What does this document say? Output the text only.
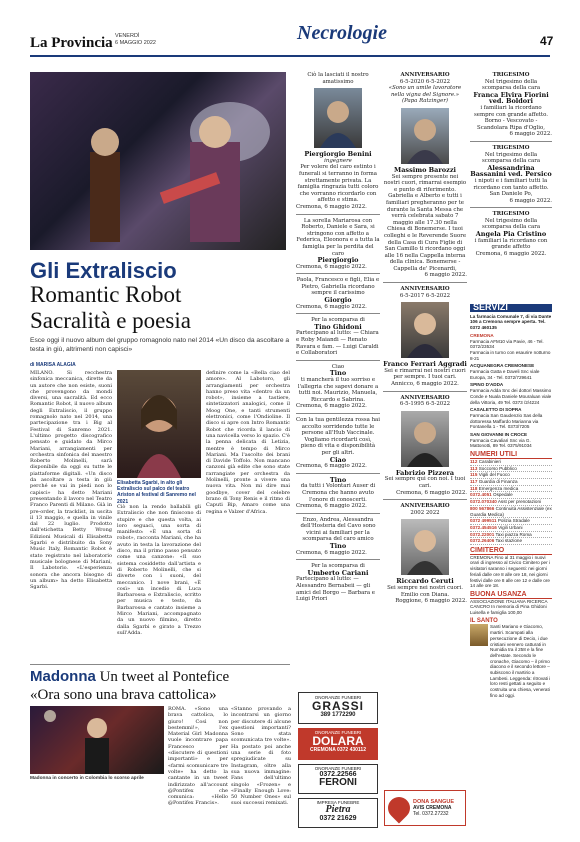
La Provincia VENERDÌ
6 MAGGIO 2022	Necrologie	47
Gli Extraliscio
Romantic Robot
Sacralità e poesia
Esce oggi il nuovo album del gruppo romagnolo nato nel 2014 «Un disco da ascoltare a testa in giù, altrimenti non capisci»
di MARISA ALAGIA
MILANO. Si recchestra sinfonica meccanica, dirette da un autore che non esiste, suoni che provengono da mondi diversi, una sacralità. Ed ecco Romantic Robot, il nuovo album degli Extraliscio, il gruppo romagnolo nato nel 2014, una partecipazione tra i Big al Festival di Sanremo 2021. L'ultimo progetto discografico pensato e guidato da Mirco Mariani, arrangiamenti per orchestra sinfonica del maestro Roberto Molinelli, sarà disponibile da oggi su tutte le piattaforme digitali. «Un disco da ascoltare a testa in giù perché se vai in piedi non lo capisci» ha detto Mariani presentando il lavoro nel Teatro Franco Parenti di Milano. Già in pre-order, la tracklist, in uscita il 13 maggio, e quella in vinile dal 22 luglio. Prodotto dall'etichetta Betty Wrong Edizioni Musicali di Elisabetta Sgarbi e distribuito da Sony Music Italy, Romantic Robot è stato registrato nel laboratorio musicale bolognese di Mariani, Il Labotorio. «L'esperienza sonora che ancora bisogno di un album» ha detto Elisabetta Sgarbi.
Elisabetta Sgarbi, in alto gli Extraliscio sul palco del teatro Ariston al festival di Sanremo nel 2021
Ciò non la rendo ballabili gli Extraliscio che non finiscono di stupire e che questa volta, ai loro seguaci, una sorta di manifesto: «È una sorta di robot», racconta Mariani, che ha avuto in testa la lavorazione del disco, ma il primo passo pensato come una canzone: «Il suo sistema cosiddetto dall'artista e di Roberto Molinelli, che si diverte con i suoni, del meccanico. I nove brani, «È così» un incedio di Luca Barbarossa e Extraliscio, scritto per musica e testo, da Barbarossa e cantato insieme a Mirco Mariani, accompagnato da un nuovo filmino, diretto dalla Sgarbi e girato a Trezzo sull'Adda.
definire come la «Bella ciao del amore». Al Labotoro, gli arrangiamenti per orchestra hanno preso vita «dentro da un robot», insieme a tastiere, sintetizzatori analogici, come il Moog One, e tanti strumenti elettronici, come l'Ondioline. Il disco si apre con Intro Romantic Robot che ricorda il lancio di una navicella verso lo spazio. C'è la penna delicata di Letizia, mentre è tempo di Mirco Mariani. Ma l'ascolto dei brani di Davide Toffolo. Non mancano canzoni già edite che sono state rarrangiate per orchestra da Molinelli, pronte a vivere una nuova vita. Non mi dire mai goodbye, cover del celebre brano di Tony Renis e il ritmo di Caputi Bip, Amaro come una regina e Valzer d'Africa.
Madonna Un tweet al Pontefice
«Ora sono una brava cattolica»
Madonna in concerto in Colombia lo scorso aprile
ROMA. «Sono una brava cattolica, lo giuro! Così non bestemmi!», l'ex Material Girl Madonna vuole incontrare papa Francesco per «discutere di questioni importanti» e per «farmi scomunicare tre volte» ha detto la cantante in un tweet indirizzato all'account @Pontifex che comunica: «Hello @Pontifex Francis».
«Stanno provando a incontrarsi un giorno per discutere di alcune questioni importanti? Sono stata scomunicata tre volte». Ha postato poi anche una serie di foto spregiudicate su Instagram, oltre alla sua nuova immagine: Fans dell'ultimo singolo «Frozen» e «Finally Enough Love: 50 Number Ones» sul suoi successi remixati.
Ciò la lasciati il nostro amatissimo
Piergiorgio Benini
ingegnere
Per volere del caro estinto i funerali si terranno in forma strettamente privata. La famiglia ringrazia tutti coloro che vorranno ricordarlo con affetto e stima.
Cremona, 6 maggio 2022.
La sorella Mariarosa con Roberto, Daniele e Sara, si stringono con affetto a Federica, Eleonora e a tutta la famiglia per la perdita del caro
Piergiorgio
Cremona, 6 maggio 2022.
Paola, Francesco e figli, Elia e Pietro, Gabriella ricordano sempre il carissimo
Giorgio
Cremona, 6 maggio 2022.
Per la scomparsa di
Tino Ghidoni
Partecipano al lutto: — Chiara e Roby Maiandi — Renato Ravara e fam. — Luigi Caraldi e Collaboratori
Ciao
Tino
ti mancherà il tuo sorriso e l'allegria che sapevi donare a tutti noi. Maurizio, Manuela, Riccardo e Sabrina.
Cremona, 6 maggio 2022.
Con la tua gentilezza rossa hai accolto sorridendo tutte le persone all'Hub Vaccinale. Vogliamo ricordarti così, pieno di vita e disponibilità per gli altri.
Ciao
Cremona, 6 maggio 2022.
Tino
da tutti i Volontari Auser di Cremona che hanno avuto l'onore di conoscerti.
Cremona, 6 maggio 2022.
Enzo, Andrea, Alessandra dell'Hosteria del Cavo sono vicini ai familiari per la scomparsa del caro amico
Tino
Cremona, 6 maggio 2022.
Per la scomparsa di
Umberto Cariani
Partecipano al lutto: — Alessandro Bernabeii — gli amici del Borgo — Barbara e Luigi Priori
ANNIVERSARIO
6-5-2020 6-5-2022
«Sono un umile lavoratore nella vigna del Signore.» (Papa Ratzinger)
Massimo Barozzi
Sei sempre presente nei nostri cuori, rimarrai esempio e punto di riferimento. Gabriella e Alberto e tutti i familiari pregheranno per te durante la Santa Messa che verrà celebrata sabato 7 maggio alle 17.30 nella Chiesa di Bonemerse. I tuoi colleghi e le Reverende Suore della Casa di Cura Figlie di San Camillo ti ricordano oggi alle 16 nella Cappella interna della clinica. Bonemerse - Cappella de' Picenardi,
6 maggio 2022.
ANNIVERSARIO
6-5-2017 6-5-2022
Franco Ferrari Aggradi
Sei e rimarrai nei nostri cuori per sempre. I tuoi cari. Annicco, 6 maggio 2022.
ANNIVERSARIO
6-5-1995 6-5-2022
Fabrizio Pizzera
Sei sempre qui con noi. I tuoi cari.
Cremona, 6 maggio 2022.
ANNIVERSARIO
2002 2022
Riccardo Ceruti
Sei sempre nei nostri cuori. Emilio con Diana.
Roggione, 6 maggio 2022.
TRIGESIMO
Nel trigesimo della scomparsa della cara
Franca Elvira Fiorini ved. Boldori
i familiari la ricordano sempre con grande affetto. Borno - Vescovato - Scandolara Ripa d'Oglio,
6 maggio 2022.
TRIGESIMO
Nel trigesimo della scomparsa della cara
Alessandrina Bassanini ved. Persico
i nipoti e i familiari tutti la ricordano con tanto affetto. San Daniele Po,
6 maggio 2022.
TRIGESIMO
Nel trigesimo della scomparsa della cara
Angela Pia Cristino
i familiari la ricordano con grande affetto
Cremona, 6 maggio 2022.
SERVIZI
La farmacia Comunale 7, di via Dante 106 a Cremona sempre aperta. Tel. 0372 460135
CREMONA
Farmacia AFM10 via Pavie, 46 - Tel. 0372/23534
Farmacia in turno con esaurire notturno 8-21
ACQUANEGRA CREMONESE
Farmacia Gatta e Daveli Snc viale Europa, 34 - Tel. 0372/729641
SPINO D'ADDA
Farmacia Adda Snc dei dottori Massimo Conde e Nuala Daniele Mouraluan viale della Vittoria, 49 Tel. 0373 /2/4224
CASALETTO DI SOPRA
Farmacia San Gaudenzio Sas della dottoressa Maffardo Marianna via Fontanella 1 - Tel. 0373/7205
SAN GIOVANNI IN CROCE
Farmacia Cavaliari Snc via G. Mattonotti, 89 Tel. 0375/91034
NUMERI UTILI
112 Carabinieri
113 Soccorso Pubblico
115 Vigili del Fuoco
117 Guardia di Finanza
118 Emergenza medica
0372.4051 Ospedale
0372.070340 Asst per prenotazioni
800 567866 Continuità Assistenziale (ex Guardia Medica)
0372 499511 Polizia Stradale
0372.454516 Vigili Urbani
0372.22001 Taxi piazza Roma
0372.26406 Taxi stazione
CIMITERO
CREMONA Fino al 31 maggio i nuovi orari di ingresso al Civico Cimitero per i visitatori saranno i seguenti: nei giorni feriali dalle ore 8 alle ore 18, nei giorni festivi dalle ore 8 alle ore 12 e dalle ore 14 alle ore 18.
BUONA USANZA
ASSOCIAZIONE ITALIANA RICERCA CANCRO In memoria di Pina Ghidoni Luisella e famiglia 100,00
IL SANTO
Santi Mariano e Giacomo, martiri. Scampati alla persecuzione di Decio, i due cristiani vennero catturati in Numidia tra il 258 e la fine dell'estate. Secondo le cronache, Giacomo – il primo diacono e il secondo lettore – subiscono il martirio a Lambesi. Leggenda: ritrovati i loro resti gettati a seguito e costruita una chiesa, venerati fino ad oggi.
ONORANZE FUNEBRI
GRASSI
389 1772290
ONORANZE FUNEBRI
DOLARA
CREMONA 0372 430112
ONORANZE FUNEBRI
0372.22566
FERONI
IMPRESA FUNEBRE
Pietra
0372 21629
DONA SANGUE
AVIS CREMONA
Tel. 0372.27232
